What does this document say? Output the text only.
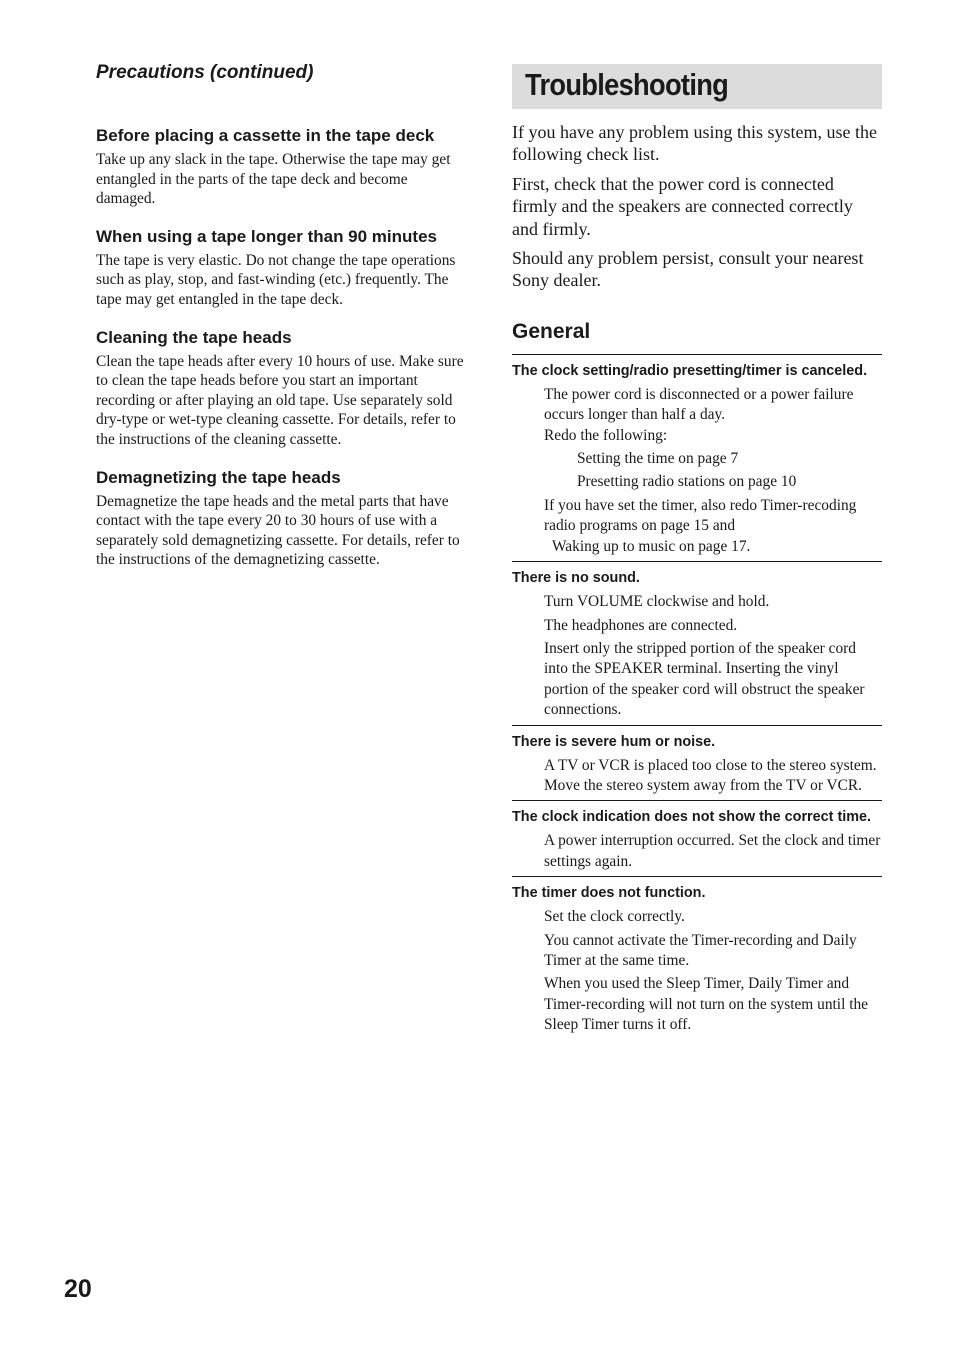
Precautions (continued)

Before placing a cassette in the tape deck

Take up any slack in the tape. Otherwise the tape may get entangled in the parts of the tape deck and become damaged.

When using a tape longer than 90 minutes

The tape is very elastic. Do not change the tape operations such as play, stop, and fast-winding (etc.) frequently. The tape may get entangled in the tape deck.

Cleaning the tape heads

Clean the tape heads after every 10 hours of use. Make sure to clean the tape heads before you start an important recording or after playing an old tape. Use separately sold dry-type or wet-type cleaning cassette. For details, refer to the instructions of the cleaning cassette.

Demagnetizing the tape heads

Demagnetize the tape heads and the metal parts that have contact with the tape every 20 to 30 hours of use with a separately sold demagnetizing cassette. For details, refer to the instructions of the demagnetizing cassette.

Troubleshooting

If you have any problem using this system, use the following check list.

First, check that the power cord is connected firmly and the speakers are connected correctly and firmly.

Should any problem persist, consult your nearest Sony dealer.

General

The clock setting/radio presetting/timer is canceled.

The power cord is disconnected or a power failure occurs longer than half a day.
Redo the following:
Setting the time on page 7
Presetting radio stations on page 10
If you have set the timer, also redo Timer-recoding radio programs on page 15 and
Waking up to music on page 17.

There is no sound.

Turn VOLUME clockwise and hold.
The headphones are connected.
Insert only the stripped portion of the speaker cord into the SPEAKER terminal. Inserting the vinyl portion of the speaker cord will obstruct the speaker connections.

There is severe hum or noise.

A TV or VCR is placed too close to the stereo system. Move the stereo system away from the TV or VCR.

The clock indication does not show the correct time.

A power interruption occurred. Set the clock and timer settings again.

The timer does not function.

Set the clock correctly.
You cannot activate the Timer-recording and Daily Timer at the same time.
When you used the Sleep Timer, Daily Timer and Timer-recording will not turn on the system until the Sleep Timer turns it off.
20
